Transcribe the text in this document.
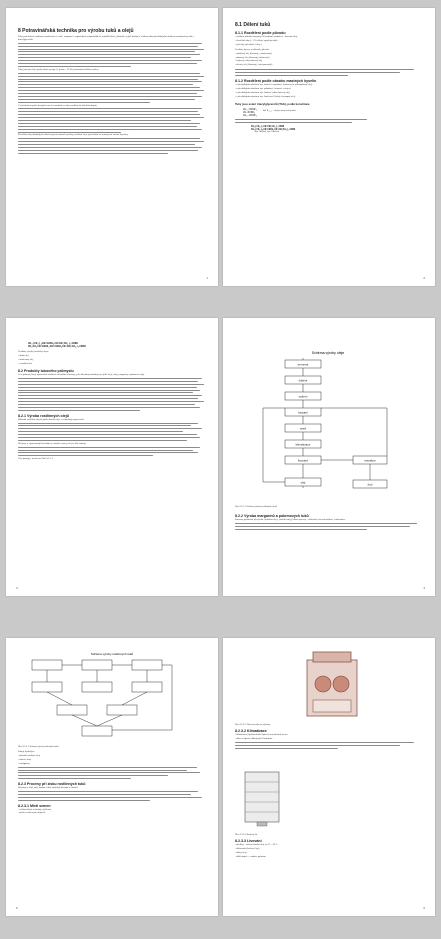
8 Potravinářská technika pro výrobu tuků a olejů
Tuky jsou složené struktury označované ve vodě, rozpustné v organických rozpouštědlech, nepříliš těkavé, přírodní a jejich kvalita je většinou dána převládajícím obsahem mastných kyselin a triacylglycerolů.
Tuky jsou pro svůj vysoký obsah energie (1 g tuku = 39 kJ) významnou složkou výživy.
V závislosti na počtu dvojných vazeb a struktuře se tuky rozdělují do několika skupin.
Živočišné tuky obsahují převážně nasycené mastné kyseliny, rostlinné oleje jsou bohaté na nenasycené mastné kyseliny.
1
8.1 Dělení tuků
8.1.1 Rozdělení podle původu
- rostlinné přírodní suroviny (20 rostlinné produkce) - lisované oleje
- živočišné tuky (< 1/3 celkové spotřeby tuků)
- ryží tuky (převážně z oleje)
Produkty úpravy rostlinného původu:
- arašídový olej (lisovaný, extrahovaný)
- palmový olej (lisovaný, rafinovaný)
- řepkový a slunečnicový olej
- olivový olej (lisovaný, extra panenský)
8.1.2 Rozdělení podle obsahu mastných kyselin
- s převládajícím obsahem kys. laurové a myristové (kokosový a palmojádrový olej)
- s převládajícím obsahem kys. palmitové, stearové a olejové
- s převládajícím obsahem kys. linolové (slunečnicový olej)
- s převládajícím obsahem kys. linolenové (lněný a konopný olej)
Tuky jsou esteri triacylglycerolů (TAG), podle konstituce
CH₂–OCOR₁
CH–OCOR₂
CH₂–OCOR₃
kde R₁,₂,₃ – zbytky mastných kyselin
CH₃(CH₂)₇CH=CH(CH₂)₇COOH
CH₃(CH₂)₄CH=CHCH₂CH=CH(CH₂)₇COOH
kys. olejová, kys. linolová
2
CH₃(CH₂)₄CH=CHCH₂CH=CH(CH₂)₇COOH
CH₃CH₂CH=CHCH₂CH=CHCH₂CH=CH(CH₂)₇COOH
Produkty výroby (hrubého) oleje:
- hrubý olej
- rafinovaný olej
- extrakční šrot
8.2 Produkty tukového průmyslu
Je to průmysl, který zpracovává rostlinné a živočišné suroviny, jeho hlavními produkty jsou jedlé oleje, tuky, margaríny a pokrmové tuky.
8.2.1 Výroba rostlinných olejů
Základní rozdělení olejnin podle obsahu oleje a technologie zpracování.
Olejniny se zpracovávají lisováním a extrakcí; surový olej se dále rafinuje.
Celý postup je uveden na Obr. 8.2.1.1.
3
Schéma výroby oleje
semena
čištění
sušení
loupání
mletí
klimatizace
lisování	extrakce
olej	šrot
Obr. 8.2.1.1 Schéma výroby rostlinných olejů
8.2.2 Výroba margarínů a pokrmových tuků
Suroviny používané při výrobě (rostlinné oleje, ztužené tuky), hlavní procesy – ztužování, interesterifikace, frakcionace.
4
Schéma výroby rostlinných tuků
Obr. 8.2.2.1 Schéma výroby ztužených tuků
Zahuje hydrolýzu
- přírodní rostlinné oleje
- ztužené tuky
- emulgátory
8.2.3 Procesy při zisku rostlinných tuků
Olejniny se čistí, suší, loupou a drtí; následuje lisování a extrakce.
8.2.3.1 Mletí semen
- velikost částic ovlivňuje výtěžnost
- mletí na válcových mlýnech
5
Obr. 8.2.3.2 Válcový mlýn na olejniny
8.2.3.2 Klimatizace
- klimatizace (hydrotermická úprava) rozemletých semen
- ohřev a úprava vlhkosti před lisováním
Obr. 8.2.3.2 Šnekový lis
8.2.3.3 Lisování
- předlisy – snížení obsahu oleje na 15 – 20 %
- dolisování (šnekové lisy)
- dávky oleje
- další stupeň – extrakce pokrutin
6
